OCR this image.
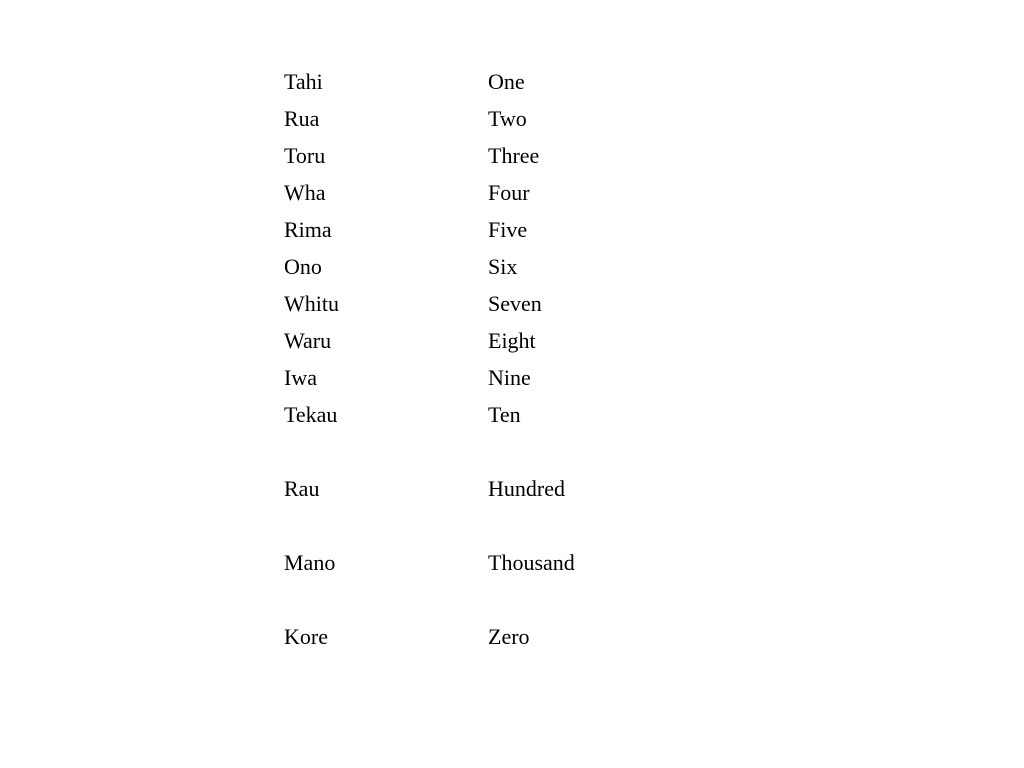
Tahi	One
Rua	Two
Toru	Three
Wha	Four
Rima	Five
Ono	Six
Whitu	Seven
Waru	Eight
Iwa	Nine
Tekau	Ten
Rau	Hundred
Mano	Thousand
Kore	Zero
